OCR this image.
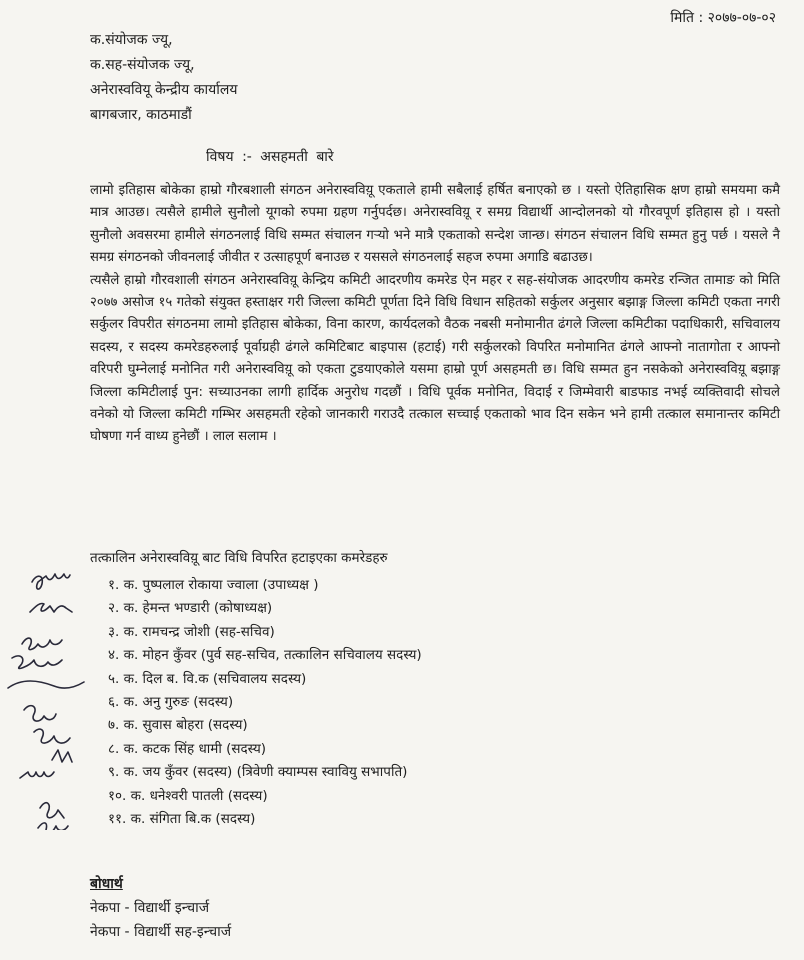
मिति : २०७७-०७-०२
क.संयोजक ज्यू,
क.सह-संयोजक ज्यू,
अनेरास्ववियू केन्द्रीय कार्यालय
बागबजार, काठमाडौं
विषय :- असहमती बारे

लामो इतिहास बोकेका हाम्रो गौरबशाली संगठन अनेरास्वविय़ू एकताले हामी सबैलाई हर्षित बनाएको छ । यस्तो ऐतिहासिक क्षण हाम्रो समयमा कमै मात्र आउछ। त्यसैले हामीले सुनौलो यूगको रुपमा ग्रहण गर्नुपर्दछ। अनेरास्वविय़ू र समग्र विद्यार्थी आन्दोलनको यो गौरवपूर्ण इतिहास हो । यस्तो सुनौलो अवसरमा हामीले संगठनलाई विधि सम्मत संचालन गर्‍यो भने मात्रै एकताको सन्देश जान्छ। संगठन संचालन विधि सम्मत हुनु पर्छ । यसले नै समग्र संगठनको जीवनलाई जीवीत र उत्साहपूर्ण बनाउछ र यससले संगठनलाई सहज रुपमा अगाडि बढाउछ।

त्यसैले हाम्रो गौरवशाली संगठन अनेरास्वविय़ू केन्द्रिय कमिटी आदरणीय कमरेड ऐन महर र सह-संयोजक आदरणीय कमरेड रन्जित तामाङ को मिति २०७७ असोज १५ गतेको संयुक्त हस्ताक्षर गरी जिल्ला कमिटी पूर्णता दिने विधि विधान सहितको सर्कुलर अनुसार बझाङ्ग जिल्ला कमिटी एकता नगरी सर्कुलर विपरीत संगठनमा लामो इतिहास बोकेका, विना कारण, कार्यदलको वैठक नबसी मनोमानीत ढंगले जिल्ला कमिटीका पदाधिकारी, सचिवालय सदस्य, र सदस्य कमरेडहरुलाई पूर्वाग्रही ढंगले कमिटिबाट बाइपास (हटाई) गरी सर्कुलरको विपरित मनोमानित ढंगले आफ्नो नातागोता र आफ्नो वरिपरी घुम्नेलाई मनोनित गरी अनेरास्वविय़ू को एकता टुडयाएकोले यसमा हाम्रो पूर्ण असहमती छ। विधि सम्मत हुन नसकेको अनेरास्वविय़ू बझाङ्ग जिल्ला कमिटीलाई पुन: सच्याउनका लागी हार्दिक अनुरोध गदछौं । विधि पूर्वक मनोनित, विदाई र जिम्मेवारी बाडफाड नभई व्यक्तिवादी सोचले वनेको यो जिल्ला कमिटी गम्भिर असहमती रहेको जानकारी गराउदै तत्काल सच्चाई एकताको भाव दिन सकेन भने हामी तत्काल समानान्तर कमिटी घोषणा गर्न वाध्य हुनेछौं । लाल सलाम ।

तत्कालिन अनेरास्वविय़ू बाट विधि विपरित हटाइएका कमरेडहरु
१. क. पुष्पलाल रोकाया ज्वाला (उपाध्यक्ष )
२. क. हेमन्त भण्डारी (कोषाध्यक्ष)
३. क. रामचन्द्र जोशी (सह-सचिव)
४. क. मोहन कुँवर (पुर्व सह-सचिव, तत्कालिन सचिवालय सदस्य)
५. क. दिल ब. वि.क (सचिवालय सदस्य)
६. क. अनु गुरुङ (सदस्य)
७. क. सुवास बोहरा (सदस्य)
८. क. कटक सिंह धामी (सदस्य)
९. क. जय कुँवर (सदस्य) (त्रिवेणी क्याम्पस स्वावियु सभापति)
१०. क. धनेश्वरी पातली (सदस्य)
११. क. संगिता बि.क (सदस्य)
बोधार्थ
नेकपा - विद्यार्थी इन्चार्ज
नेकपा - विद्यार्थी सह-इन्चार्ज
